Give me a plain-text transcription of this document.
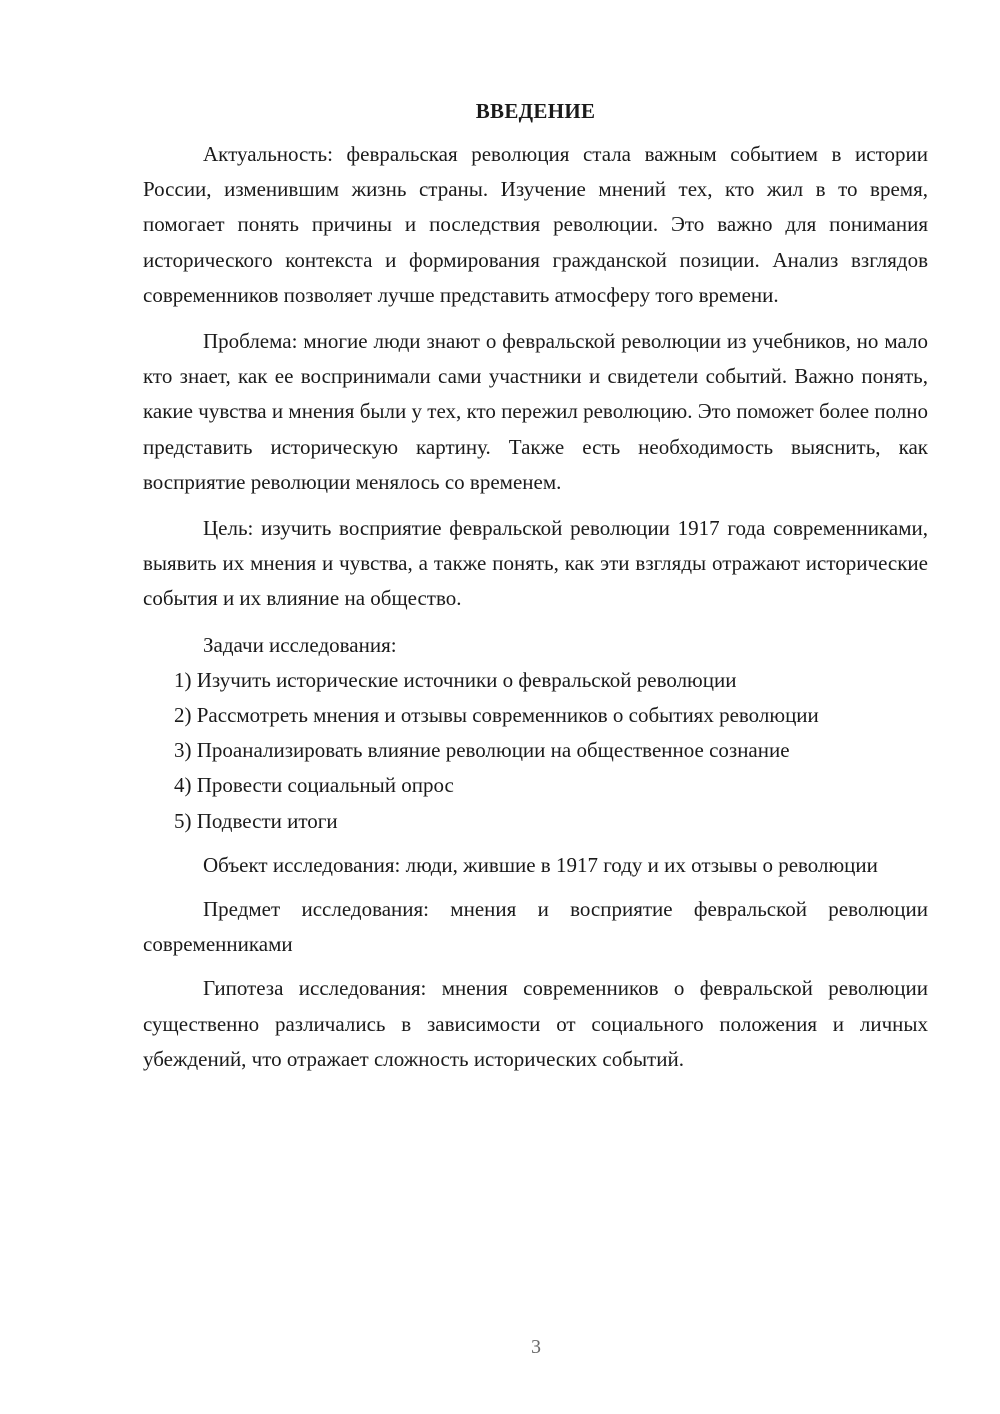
ВВЕДЕНИЕ

Актуальность: февральская революция стала важным событием в истории России, изменившим жизнь страны. Изучение мнений тех, кто жил в то время, помогает понять причины и последствия революции. Это важно для понимания исторического контекста и формирования гражданской позиции. Анализ взглядов современников позволяет лучше представить атмосферу того времени.

Проблема: многие люди знают о февральской революции из учебников, но мало кто знает, как ее воспринимали сами участники и свидетели событий. Важно понять, какие чувства и мнения были у тех, кто пережил революцию. Это поможет более полно представить историческую картину. Также есть необходимость выяснить, как восприятие революции менялось со временем.

Цель: изучить восприятие февральской революции 1917 года современниками, выявить их мнения и чувства, а также понять, как эти взгляды отражают исторические события и их влияние на общество.

Задачи исследования:

1) Изучить исторические источники о февральской революции

2) Рассмотреть мнения и отзывы современников о событиях революции

3) Проанализировать влияние революции на общественное сознание

4) Провести социальный опрос

5) Подвести итоги

Объект исследования: люди, жившие в 1917 году и их отзывы о революции

Предмет исследования: мнения и восприятие февральской революции современниками

Гипотеза исследования: мнения современников о февральской революции существенно различались в зависимости от социального положения и личных убеждений, что отражает сложность исторических событий.

3
